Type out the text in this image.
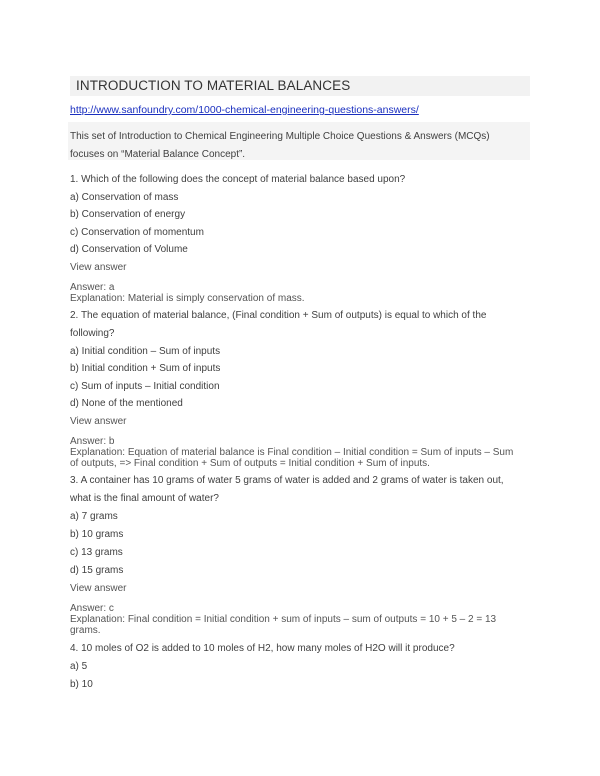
INTRODUCTION TO MATERIAL BALANCES
http://www.sanfoundry.com/1000-chemical-engineering-questions-answers/
This set of Introduction to Chemical Engineering Multiple Choice Questions & Answers (MCQs)
focuses on “Material Balance Concept”.
1. Which of the following does the concept of material balance based upon?
a) Conservation of mass
b) Conservation of energy
c) Conservation of momentum
d) Conservation of Volume
View answer
Answer: a
Explanation: Material is simply conservation of mass.
2. The equation of material balance, (Final condition + Sum of outputs) is equal to which of the
following?
a) Initial condition – Sum of inputs
b) Initial condition + Sum of inputs
c) Sum of inputs – Initial condition
d) None of the mentioned
View answer
Answer: b
Explanation: Equation of material balance is Final condition – Initial condition = Sum of inputs – Sum
of outputs, => Final condition + Sum of outputs = Initial condition + Sum of inputs.
3. A container has 10 grams of water 5 grams of water is added and 2 grams of water is taken out,
what is the final amount of water?
a) 7 grams
b) 10 grams
c) 13 grams
d) 15 grams
View answer
Answer: c
Explanation: Final condition = Initial condition + sum of inputs – sum of outputs = 10 + 5 – 2 = 13
grams.
4. 10 moles of O2 is added to 10 moles of H2, how many moles of H2O will it produce?
a) 5
b) 10
